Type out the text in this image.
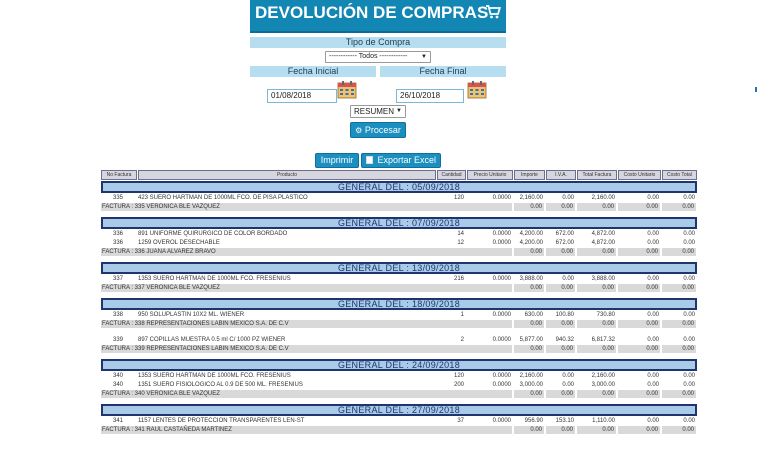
DEVOLUCIÓN DE COMPRAS
Tipo de Compra
------------ Todos ------------ ▼
Fecha Inicial	Fecha Final
01/08/2018	26/10/2018
RESUMEN ▼
⚙ Procesar
Imprimir	Exportar Excel
No Factura	Producto	Cantidad	Precio Unitario	Importe	I.V.A.	Total Factura	Costo Unitario	Costo Total
GENERAL DEL : 05/09/2018
335	423 SUERO HARTMAN DE 1000ML FCO. DE PISA PLASTICO	120	0.0000	2,160.00	0.00	2,160.00	0.00	0.00
FACTURA : 335 VERONICA BLE VAZQUEZ	0.00	0.00	0.00	0.00	0.00
GENERAL DEL : 07/09/2018
336	891 UNIFORME QUIRURGICO DE COLOR BORDADO	14	0.0000	4,200.00	672.00	4,872.00	0.00	0.00
336	1259 OVEROL DESECHABLE	12	0.0000	4,200.00	672.00	4,872.00	0.00	0.00
FACTURA : 336 JUANA ALVAREZ BRAVO	0.00	0.00	0.00	0.00	0.00
GENERAL DEL : 13/09/2018
337	1353 SUERO HARTMAN DE 1000ML FCO. FRESENIUS	216	0.0000	3,888.00	0.00	3,888.00	0.00	0.00
FACTURA : 337 VERONICA BLE VAZQUEZ	0.00	0.00	0.00	0.00	0.00
GENERAL DEL : 18/09/2018
338	950 SOLUPLASTIN 10X2 ML. WIENER	1	0.0000	630.00	100.80	730.80	0.00	0.00
FACTURA : 338 REPRESENTACIONES LABIN MEXICO S.A. DE C.V	0.00	0.00	0.00	0.00	0.00
339	897 COPILLAS MUESTRA 0.5 ml C/ 1000 PZ WIENER	2	0.0000	5,877.00	940.32	6,817.32	0.00	0.00
FACTURA : 339 REPRESENTACIONES LABIN MEXICO S.A. DE C.V	0.00	0.00	0.00	0.00	0.00
GENERAL DEL : 24/09/2018
340	1353 SUERO HARTMAN DE 1000ML FCO. FRESENIUS	120	0.0000	2,160.00	0.00	2,160.00	0.00	0.00
340	1351 SUERO FISIOLOGICO AL 0.9 DE 500 ML. FRESENIUS	200	0.0000	3,000.00	0.00	3,000.00	0.00	0.00
FACTURA : 340 VERONICA BLE VAZQUEZ	0.00	0.00	0.00	0.00	0.00
GENERAL DEL : 27/09/2018
341	1157 LENTES DE PROTECCION TRANSPARENTES LEN-ST	37	0.0000	956.90	153.10	1,110.00	0.00	0.00
FACTURA : 341 RAUL CASTAÑEDA MARTINEZ	0.00	0.00	0.00	0.00	0.00
